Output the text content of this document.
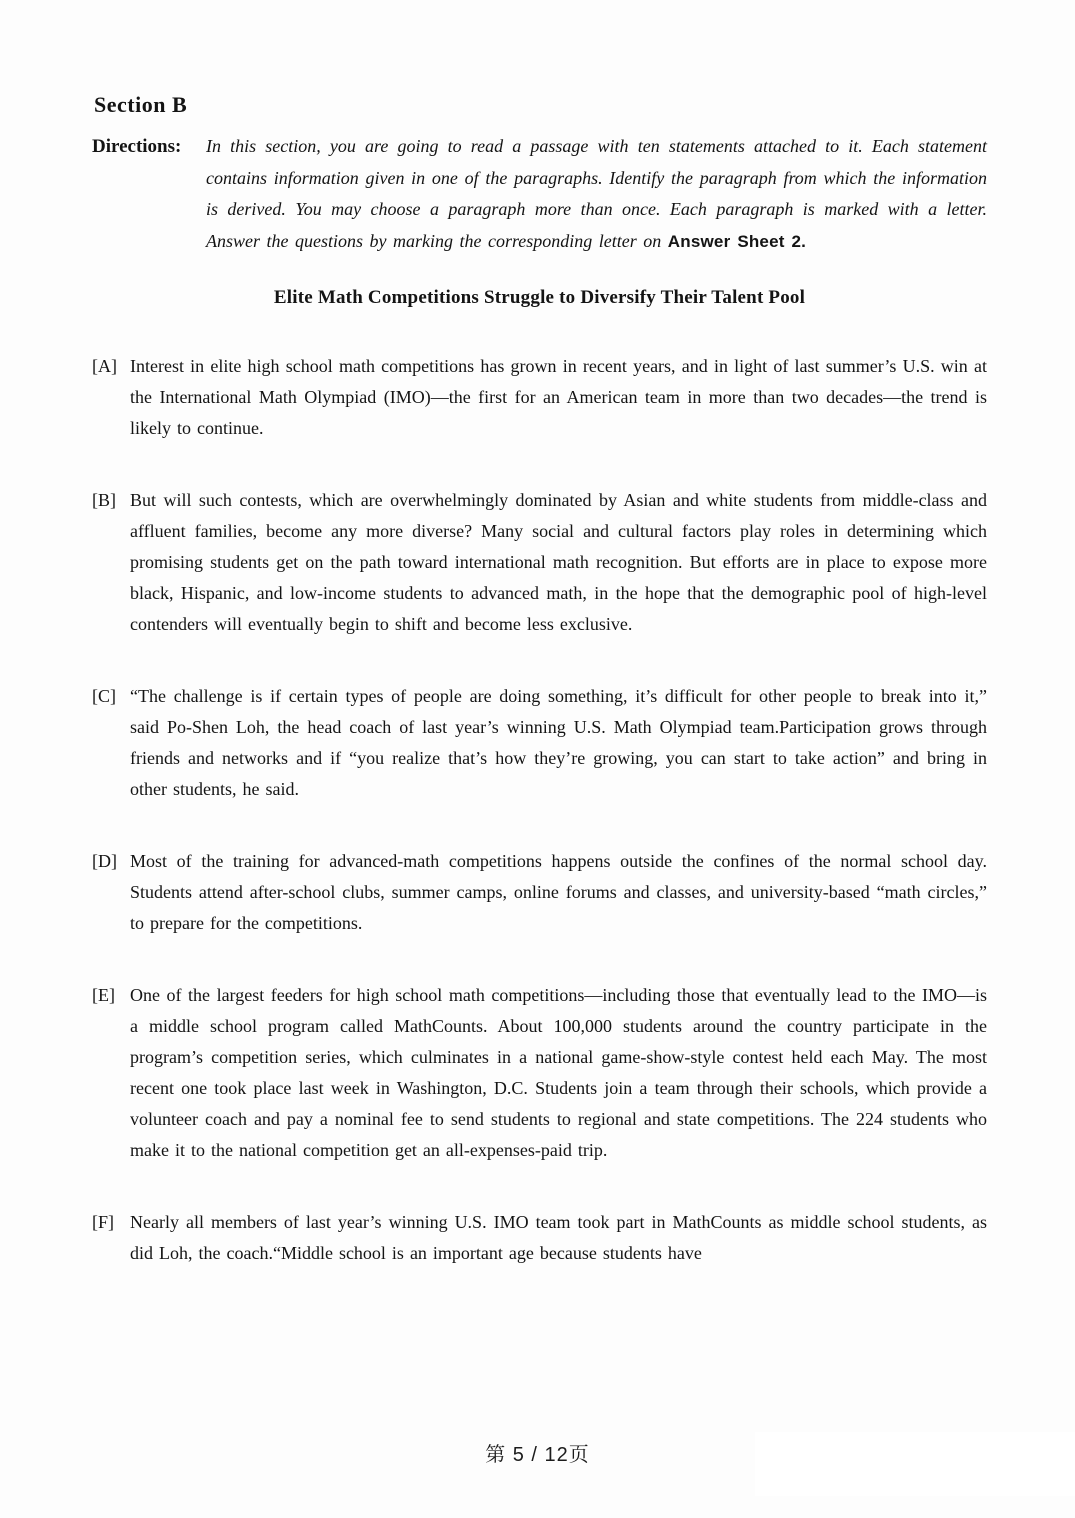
Section B
Directions:	In this section, you are going to read a passage with ten statements attached to it. Each statement contains information given in one of the paragraphs. Identify the paragraph from which the information is derived. You may choose a paragraph more than once. Each paragraph is marked with a letter. Answer the questions by marking the corresponding letter on Answer Sheet 2.
Elite Math Competitions Struggle to Diversify Their Talent Pool
[A] Interest in elite high school math competitions has grown in recent years, and in light of last summer’s U.S. win at the International Math Olympiad (IMO)—the first for an American team in more than two decades—the trend is likely to continue.
[B] But will such contests, which are overwhelmingly dominated by Asian and white students from middle-class and affluent families, become any more diverse? Many social and cultural factors play roles in determining which promising students get on the path toward international math recognition. But efforts are in place to expose more black, Hispanic, and low-income students to advanced math, in the hope that the demographic pool of high-level contenders will eventually begin to shift and become less exclusive.
[C] “The challenge is if certain types of people are doing something, it’s difficult for other people to break into it,” said Po-Shen Loh, the head coach of last year’s winning U.S. Math Olympiad team.Participation grows through friends and networks and if “you realize that’s how they’re growing, you can start to take action” and bring in other students, he said.
[D] Most of the training for advanced-math competitions happens outside the confines of the normal school day. Students attend after-school clubs, summer camps, online forums and classes, and university-based “math circles,” to prepare for the competitions.
[E] One of the largest feeders for high school math competitions—including those that eventually lead to the IMO—is a middle school program called MathCounts. About 100,000 students around the country participate in the program’s competition series, which culminates in a national game-show-style contest held each May. The most recent one took place last week in Washington, D.C. Students join a team through their schools, which provide a volunteer coach and pay a nominal fee to send students to regional and state competitions. The 224 students who make it to the national competition get an all-expenses-paid trip.
[F] Nearly all members of last year’s winning U.S. IMO team took part in MathCounts as middle school students, as did Loh, the coach.“Middle school is an important age because students have
第 5 / 12页
